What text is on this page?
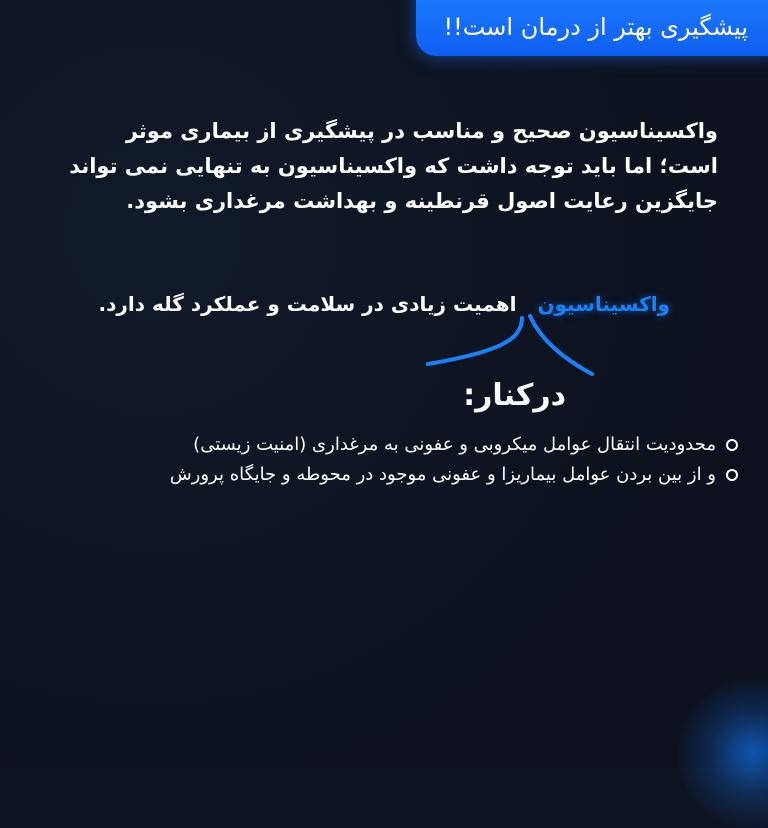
پیشگیری بهتر از درمان است!!
واکسیناسیون صحیح و مناسب در پیشگیری از بیماری موثر است؛ اما باید توجه داشت که واکسیناسیون به تنهایی نمی تواند جایگزین رعایت اصول قرنطینه و بهداشت مرغداری بشود.
واکسیناسیون اهمیت زیادی در سلامت و عملکرد گله دارد.
درکنار:
محدودیت انتقال عوامل میکروبی و عفونی به مرغداری (امنیت زیستی)
و از بین بردن عوامل بیماریزا و عفونی موجود در محوطه و جایگاه پرورش
